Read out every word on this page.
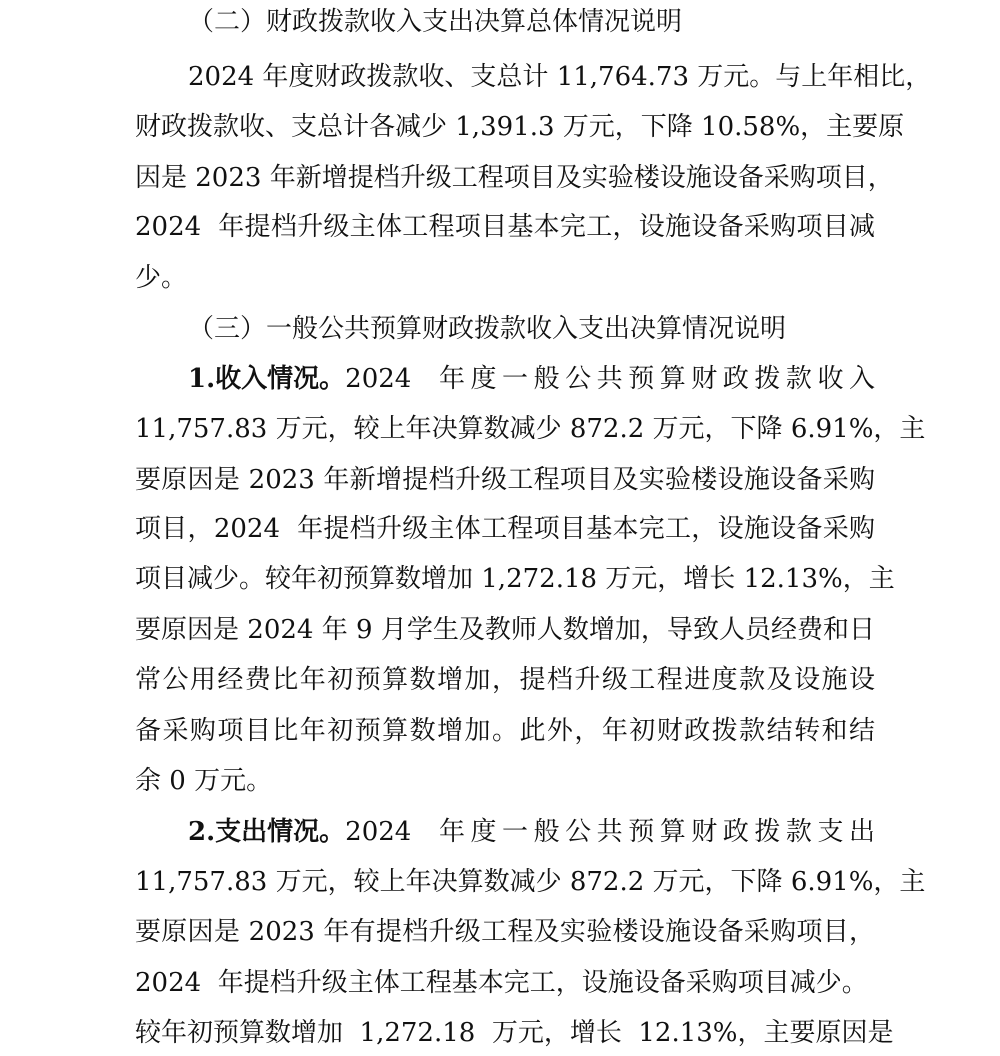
（二）财政拨款收入支出决算总体情况说明
2024 年度财政拨款收、支总计 11,764.73 万元。与上年相比，
财政拨款收、支总计各减少 1,391.3 万元，下降 10.58%，主要原
因是 2023 年新增提档升级工程项目及实验楼设施设备采购项目，
2024  年提档升级主体工程项目基本完工，设施设备采购项目减
少。
（三）一般公共预算财政拨款收入支出决算情况说明
1.收入情况。 2024  年度一般公共预算财政拨款收入
11,757.83 万元，较上年决算数减少 872.2 万元，下降 6.91%，主
要原因是 2023 年新增提档升级工程项目及实验楼设施设备采购
项目，2024  年提档升级主体工程项目基本完工，设施设备采购
项目减少。较年初预算数增加 1,272.18 万元，增长 12.13%，主
要原因是 2024 年 9 月学生及教师人数增加，导致人员经费和日
常公用经费比年初预算数增加，提档升级工程进度款及设施设
备采购项目比年初预算数增加。此外，年初财政拨款结转和结
余 0 万元。
2.支出情况。 2024  年度一般公共预算财政拨款支出
11,757.83 万元，较上年决算数减少 872.2 万元，下降 6.91%，主
要原因是 2023 年有提档升级工程及实验楼设施设备采购项目，
2024  年提档升级主体工程基本完工，设施设备采购项目减少。
较年初预算数增加  1,272.18  万元，增长  12.13%，主要原因是
